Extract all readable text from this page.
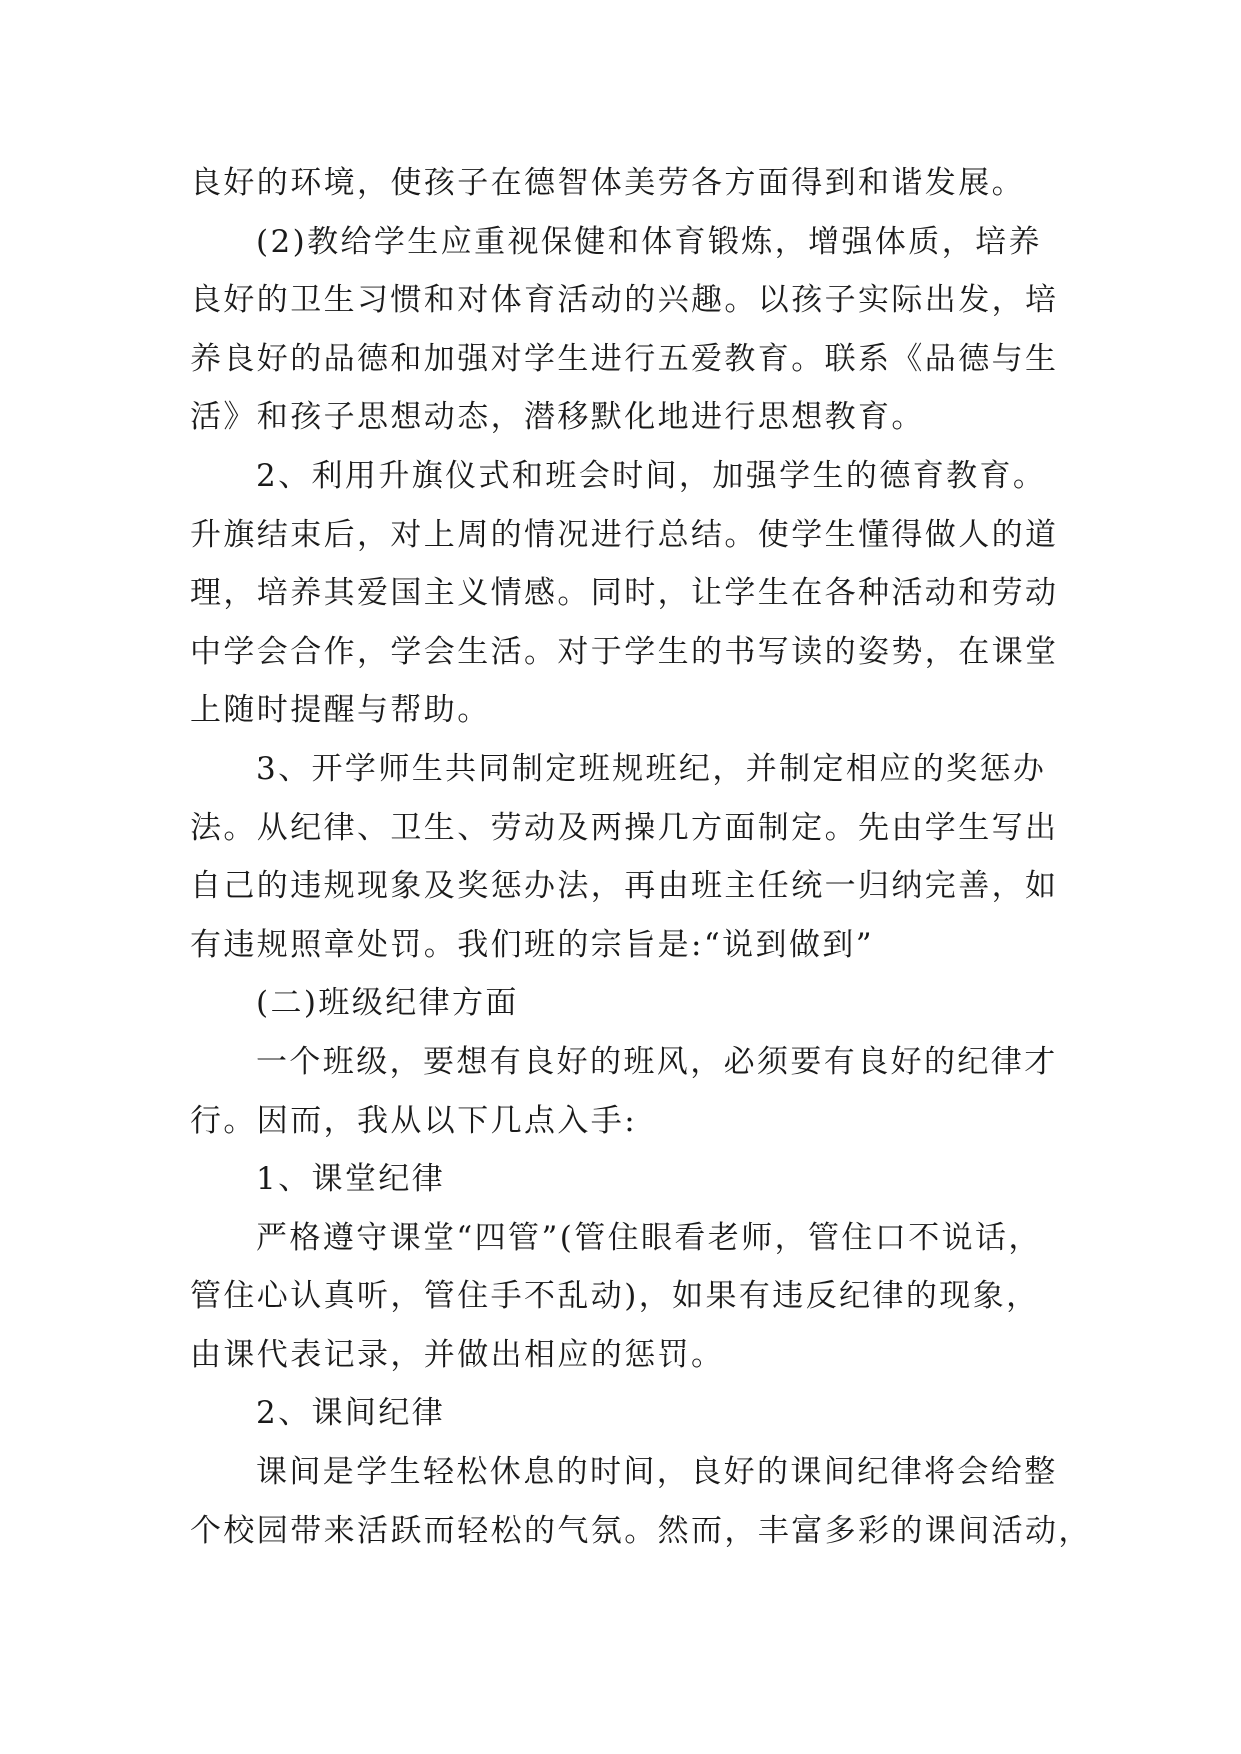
良好的环境，使孩子在德智体美劳各方面得到和谐发展。
(2)教给学生应重视保健和体育锻炼，增强体质，培养
良好的卫生习惯和对体育活动的兴趣。以孩子实际出发，培
养良好的品德和加强对学生进行五爱教育。联系《品德与生
活》和孩子思想动态，潜移默化地进行思想教育。
2、利用升旗仪式和班会时间，加强学生的德育教育。
升旗结束后，对上周的情况进行总结。使学生懂得做人的道
理，培养其爱国主义情感。同时，让学生在各种活动和劳动
中学会合作，学会生活。对于学生的书写读的姿势，在课堂
上随时提醒与帮助。
3、开学师生共同制定班规班纪，并制定相应的奖惩办
法。从纪律、卫生、劳动及两操几方面制定。先由学生写出
自己的违规现象及奖惩办法，再由班主任统一归纳完善，如
有违规照章处罚。我们班的宗旨是:“说到做到”
(二)班级纪律方面
一个班级，要想有良好的班风，必须要有良好的纪律才
行。因而，我从以下几点入手:
1、课堂纪律
严格遵守课堂“四管”(管住眼看老师，管住口不说话，
管住心认真听，管住手不乱动)，如果有违反纪律的现象，
由课代表记录，并做出相应的惩罚。
2、课间纪律
课间是学生轻松休息的时间，良好的课间纪律将会给整
个校园带来活跃而轻松的气氛。然而，丰富多彩的课间活动，
